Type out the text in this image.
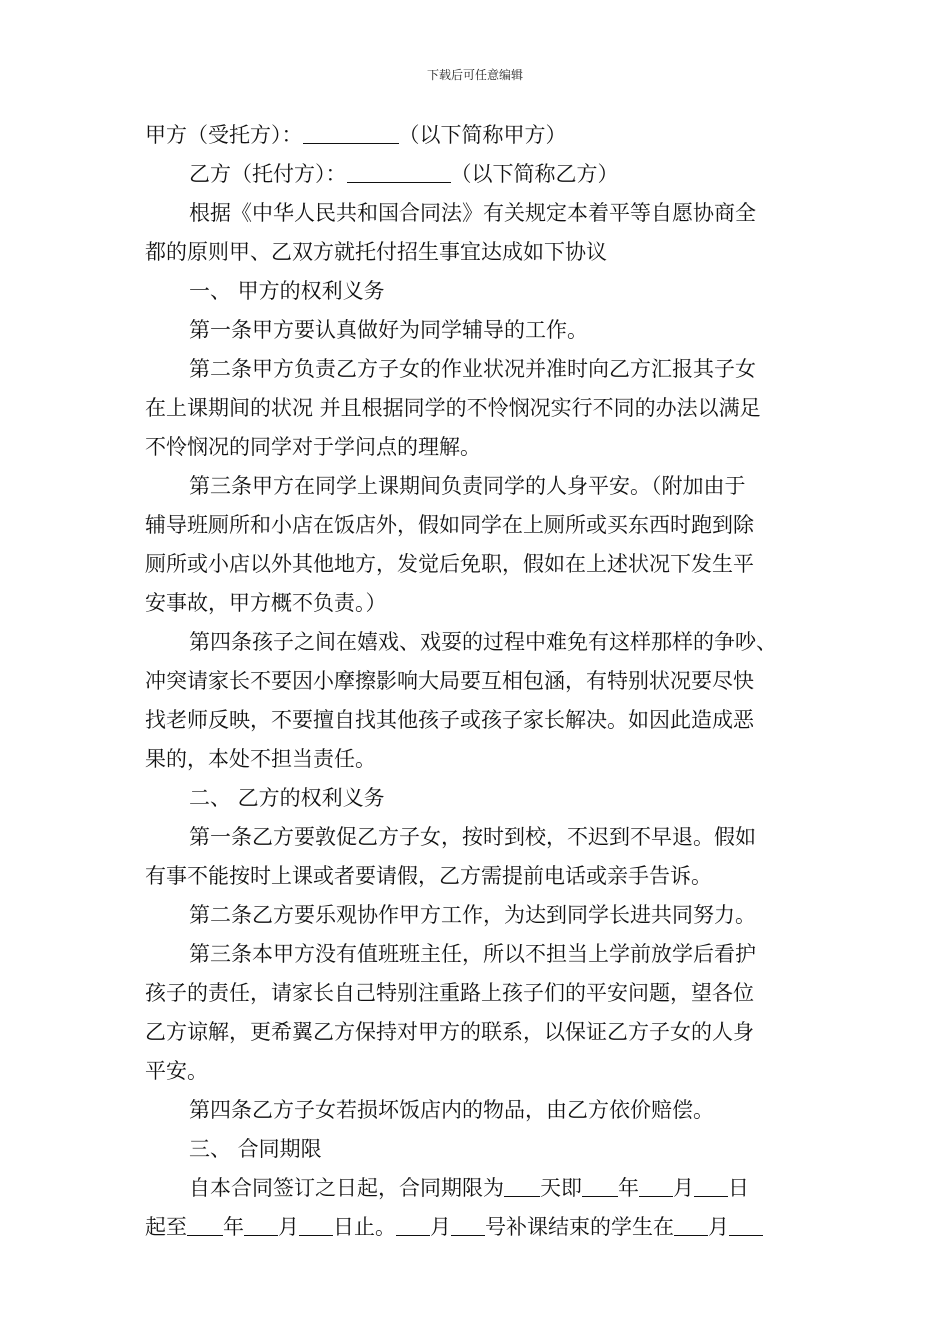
下载后可任意编辑
甲方（受托方）：	（以下简称甲方）
乙方（托付方）：	（以下简称乙方）
根据《中华人民共和国合同法》有关规定本着平等自愿协商全
都的原则甲、乙双方就托付招生事宜达成如下协议
一、 甲方的权利义务
第一条甲方要认真做好为同学辅导的工作。
第二条甲方负责乙方子女的作业状况并准时向乙方汇报其子女
在上课期间的状况 并且根据同学的不怜悯况实行不同的办法以满足
不怜悯况的同学对于学问点的理解。
第三条甲方在同学上课期间负责同学的人身平安。（附加由于
辅导班厕所和小店在饭店外，假如同学在上厕所或买东西时跑到除
厕所或小店以外其他地方，发觉后免职，假如在上述状况下发生平
安事故，甲方概不负责。）
第四条孩子之间在嬉戏、戏耍的过程中难免有这样那样的争吵、
冲突请家长不要因小摩擦影响大局要互相包涵，有特别状况要尽快
找老师反映，不要擅自找其他孩子或孩子家长解决。如因此造成恶
果的，本处不担当责任。
二、 乙方的权利义务
第一条乙方要敦促乙方子女，按时到校，不迟到不早退。假如
有事不能按时上课或者要请假，乙方需提前电话或亲手告诉。
第二条乙方要乐观协作甲方工作，为达到同学长进共同努力。
第三条本甲方没有值班班主任，所以不担当上学前放学后看护
孩子的责任，请家长自己特别注重路上孩子们的平安问题，望各位
乙方谅解，更希翼乙方保持对甲方的联系，以保证乙方子女的人身
平安。
第四条乙方子女若损坏饭店内的物品，由乙方依价赔偿。
三、 合同期限
自本合同签订之日起，合同期限为 天即 年 月 日
起至 年 月 日止。 月 号补课结束的学生在 月
